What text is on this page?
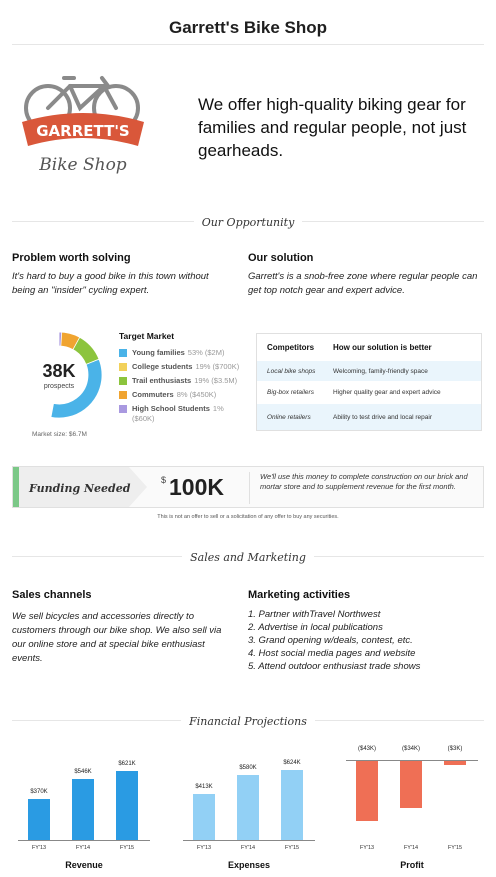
Garrett's Bike Shop
GARRETT'S
Bike Shop
We offer high-quality biking gear for families and regular people, not just gearheads.
Our Opportunity
Problem worth solving
It's hard to buy a good bike in this town without being an "insider" cycling expert.
Our solution
Garrett's is a snob-free zone where regular people can get top notch gear and expert advice.
38K
prospects
Market size: $6.7M
Target Market
Young families 53% ($2M)
College students 19% ($700K)
Trail enthusiasts 19% ($3.5M)
Commuters 8% ($450K)
High School Students 1% ($60K)
Competitors	How our solution is better
Local bike shops	Welcoming, family-friendly space
Big-box retailers	Higher quality gear and expert advice
Online retailers	Ability to test drive and local repair
Funding Needed
$ 100K	We'll use this money to complete construction on our brick and mortar store and to supplement revenue for the first month.
This is not an offer to sell or a solicitation of any offer to buy any securities.
Sales and Marketing
Sales channels
We sell bicycles and accessories directly to customers through our bike shop. We also sell via our online store and at special bike enthusiast events.
Marketing activities
1. Partner withTravel Northwest
2. Advertise in local publications
3. Grand opening w/deals, contest, etc.
4. Host social media pages and website
5. Attend outdoor enthusiast trade shows
Financial Projections
$370K
FY'13
$546K
FY'14
$621K
FY'15
Revenue
$413K
FY'13
$580K
FY'14
$624K
FY'15
Expenses
($43K)
FY'13
($34K)
FY'14
($3K)
FY'15
Profit
